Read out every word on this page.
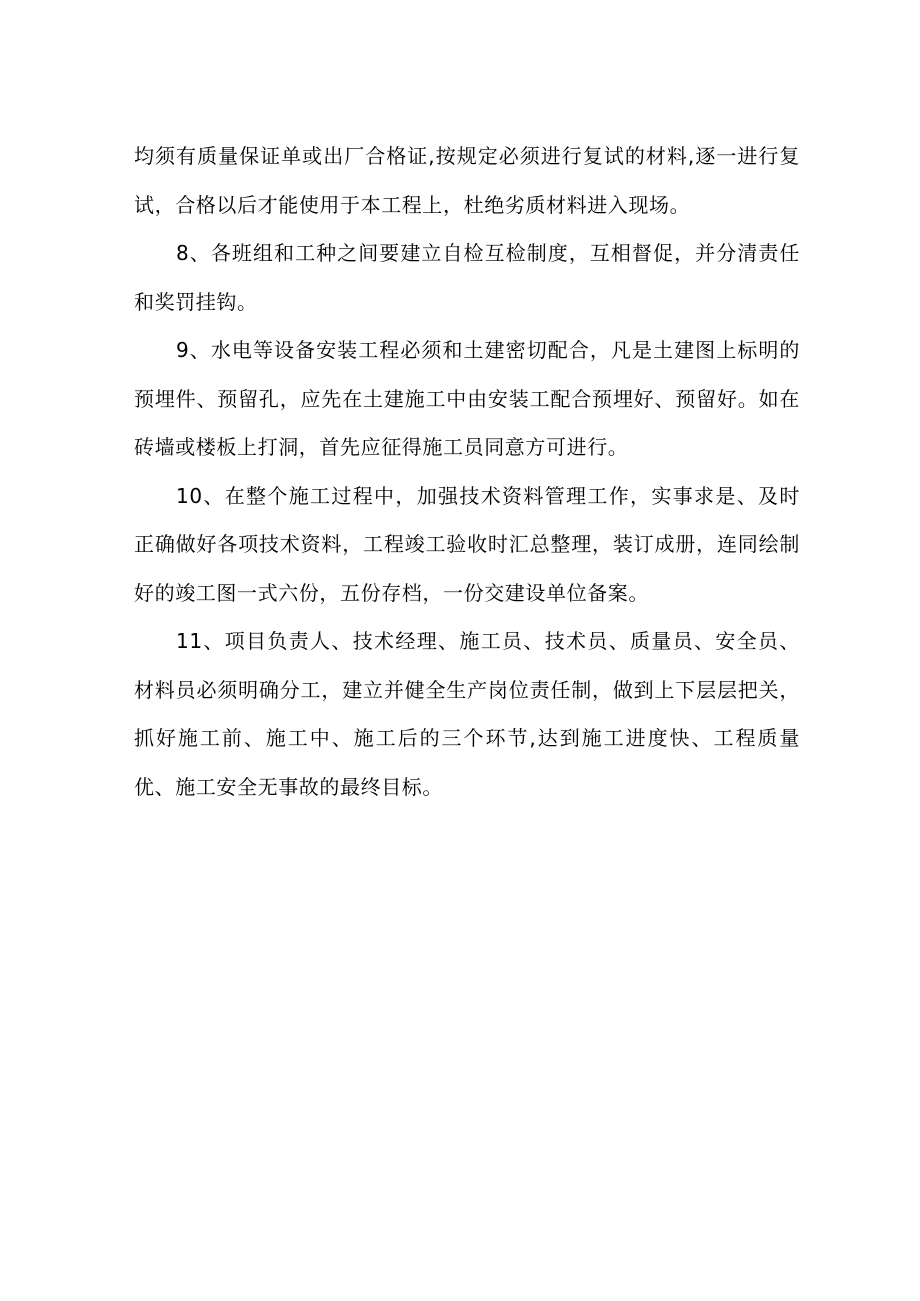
均须有质量保证单或出厂合格证,按规定必须进行复试的材料,逐一进行复试，合格以后才能使用于本工程上，杜绝劣质材料进入现场。

8、各班组和工种之间要建立自检互检制度，互相督促，并分清责任和奖罚挂钩。

9、水电等设备安装工程必须和土建密切配合，凡是土建图上标明的预埋件、预留孔，应先在土建施工中由安装工配合预埋好、预留好。如在砖墙或楼板上打洞，首先应征得施工员同意方可进行。

10、在整个施工过程中，加强技术资料管理工作，实事求是、及时正确做好各项技术资料，工程竣工验收时汇总整理，装订成册，连同绘制好的竣工图一式六份，五份存档，一份交建设单位备案。

11、项目负责人、技术经理、施工员、技术员、质量员、安全员、材料员必须明确分工，建立并健全生产岗位责任制，做到上下层层把关，抓好施工前、施工中、施工后的三个环节,达到施工进度快、工程质量优、施工安全无事故的最终目标。
